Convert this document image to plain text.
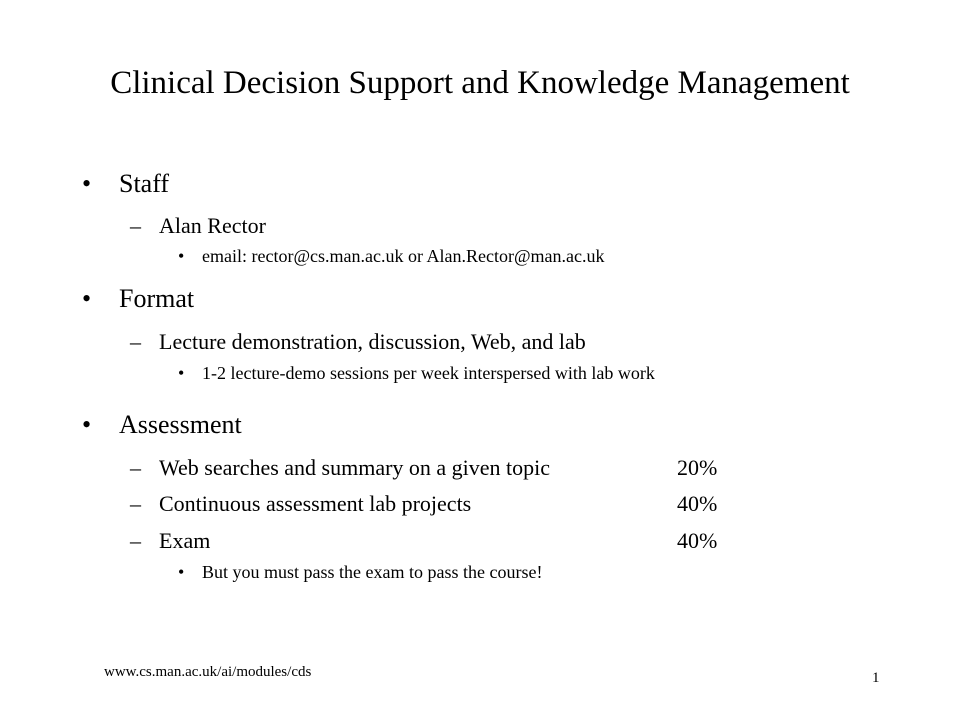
Clinical Decision Support and Knowledge Management
• Staff
– Alan Rector
• email: rector@cs.man.ac.uk or Alan.Rector@man.ac.uk
• Format
– Lecture demonstration, discussion, Web, and lab
• 1-2 lecture-demo sessions per week interspersed with lab work
• Assessment
– Web searches and summary on a given topic	20%
– Continuous assessment lab projects	40%
– Exam	40%
• But you must pass the exam to pass the course!
www.cs.man.ac.uk/ai/modules/cds	1
